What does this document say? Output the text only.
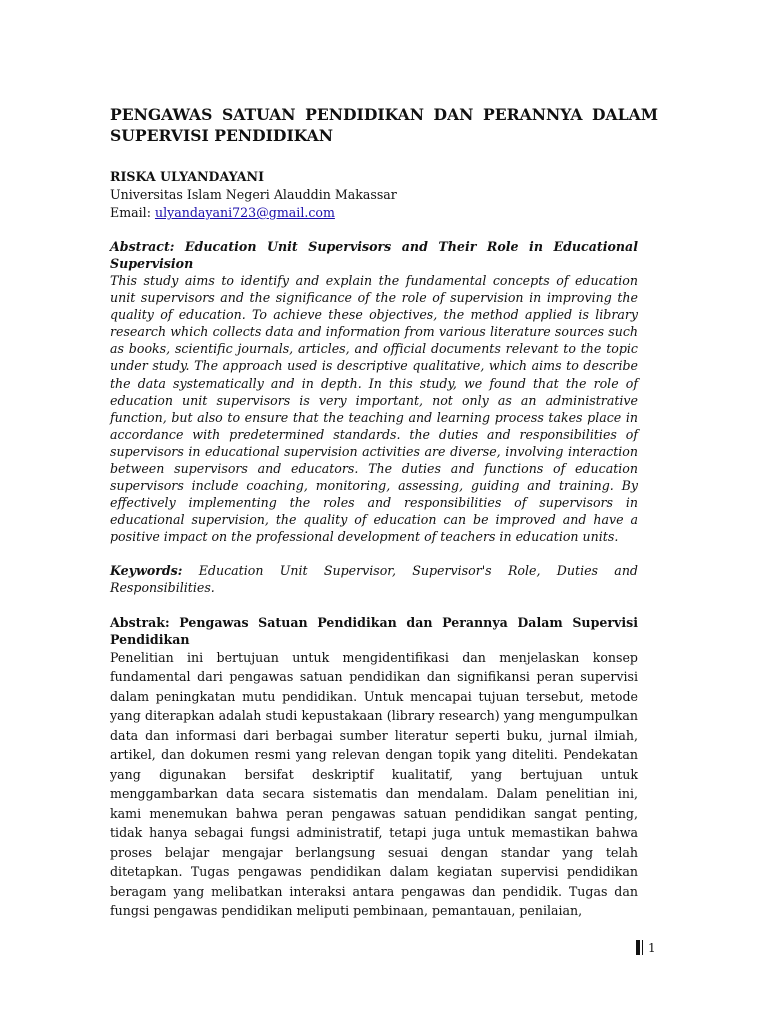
PENGAWAS SATUAN PENDIDIKAN DAN PERANNYA DALAM SUPERVISI PENDIDIKAN
RISKA ULYANDAYANI
Universitas Islam Negeri Alauddin Makassar
Email: ulyandayani723@gmail.com
Abstract: Education Unit Supervisors and Their Role in Educational Supervision

This study aims to identify and explain the fundamental concepts of education unit supervisors and the significance of the role of supervision in improving the quality of education. To achieve these objectives, the method applied is library research which collects data and information from various literature sources such as books, scientific journals, articles, and official documents relevant to the topic under study. The approach used is descriptive qualitative, which aims to describe the data systematically and in depth. In this study, we found that the role of education unit supervisors is very important, not only as an administrative function, but also to ensure that the teaching and learning process takes place in accordance with predetermined standards. the duties and responsibilities of supervisors in educational supervision activities are diverse, involving interaction between supervisors and educators. The duties and functions of education supervisors include coaching, monitoring, assessing, guiding and training. By effectively implementing the roles and responsibilities of supervisors in educational supervision, the quality of education can be improved and have a positive impact on the professional development of teachers in education units.

Keywords: Education Unit Supervisor, Supervisor's Role, Duties and Responsibilities.
Abstrak: Pengawas Satuan Pendidikan dan Perannya Dalam Supervisi Pendidikan

Penelitian ini bertujuan untuk mengidentifikasi dan menjelaskan konsep fundamental dari pengawas satuan pendidikan dan signifikansi peran supervisi dalam peningkatan mutu pendidikan. Untuk mencapai tujuan tersebut, metode yang diterapkan adalah studi kepustakaan (library research) yang mengumpulkan data dan informasi dari berbagai sumber literatur seperti buku, jurnal ilmiah, artikel, dan dokumen resmi yang relevan dengan topik yang diteliti. Pendekatan yang digunakan bersifat deskriptif kualitatif, yang bertujuan untuk menggambarkan data secara sistematis dan mendalam. Dalam penelitian ini, kami menemukan bahwa peran pengawas satuan pendidikan sangat penting, tidak hanya sebagai fungsi administratif, tetapi juga untuk memastikan bahwa proses belajar mengajar berlangsung sesuai dengan standar yang telah ditetapkan. Tugas pengawas pendidikan dalam kegiatan supervisi pendidikan beragam yang melibatkan interaksi antara pengawas dan pendidik. Tugas dan fungsi pengawas pendidikan meliputi pembinaan, pemantauan, penilaian,

1
